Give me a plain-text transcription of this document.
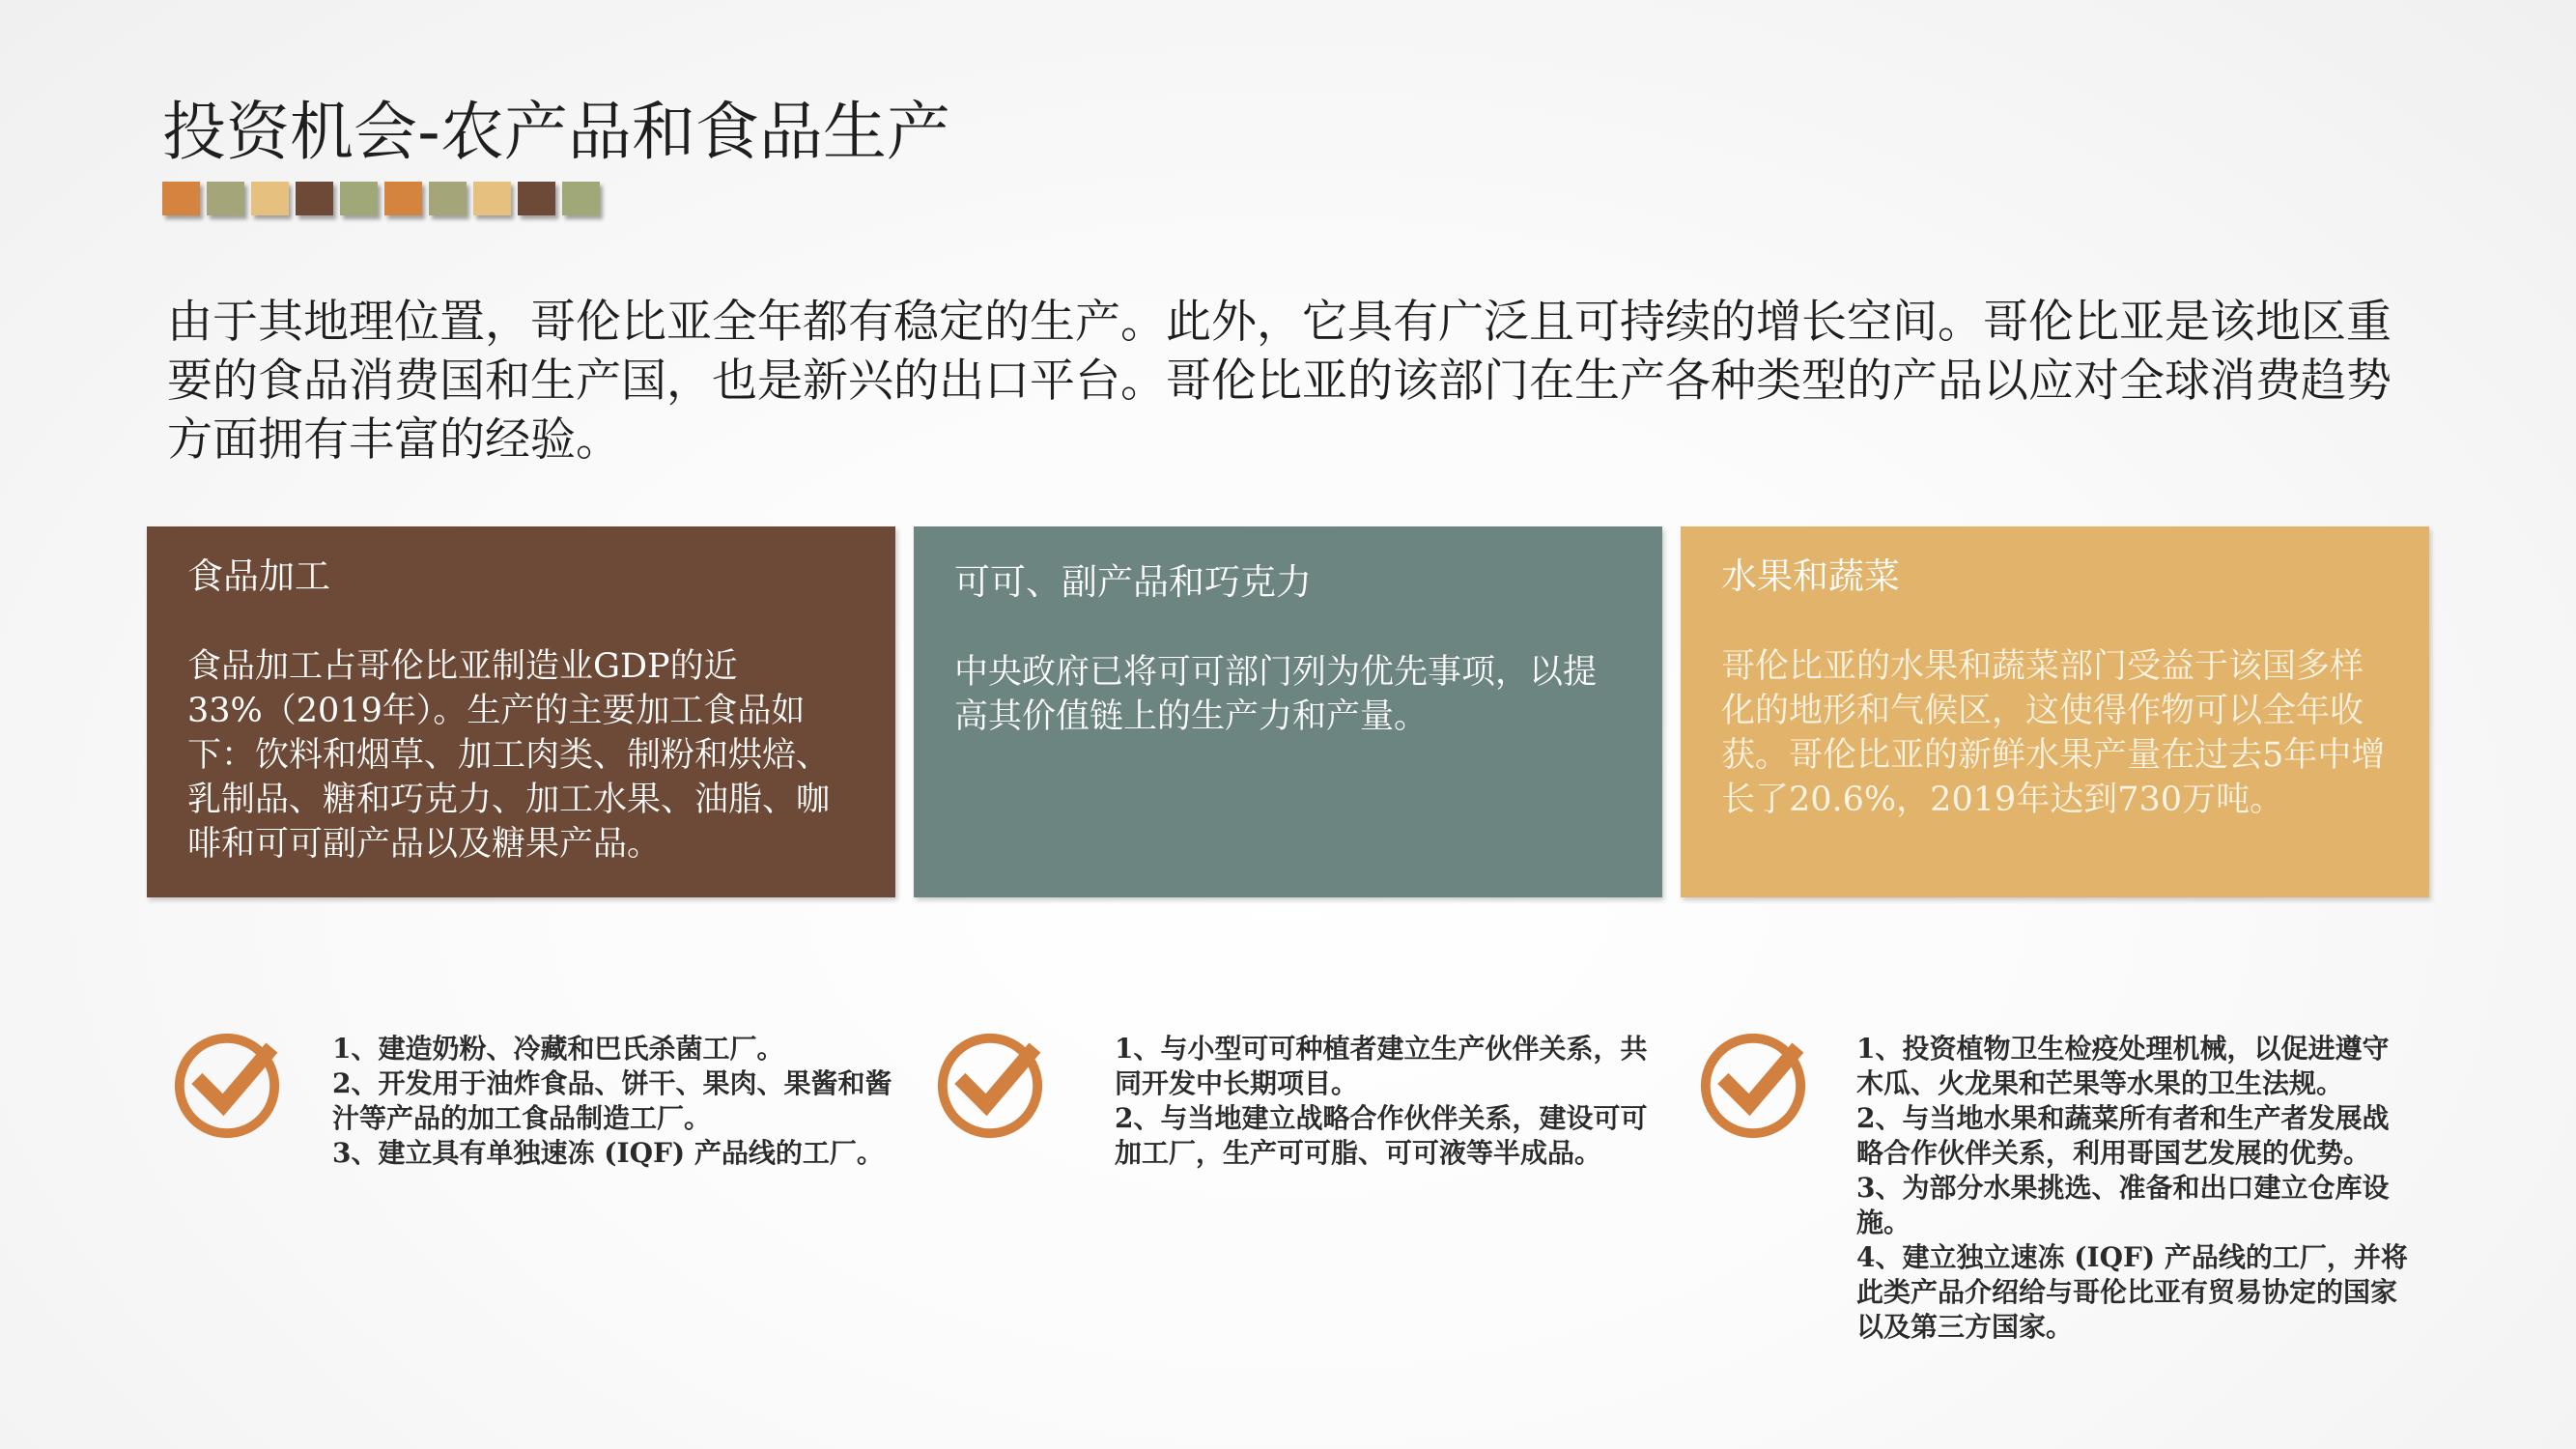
投资机会-农产品和食品生产

由于其地理位置，哥伦比亚全年都有稳定的生产。此外，它具有广泛且可持续的增长空间。哥伦比亚是该地区重要的食品消费国和生产国，也是新兴的出口平台。哥伦比亚的该部门在生产各种类型的产品以应对全球消费趋势方面拥有丰富的经验。

食品加工

食品加工占哥伦比亚制造业GDP的近33%（2019年）。生产的主要加工食品如下：饮料和烟草、加工肉类、制粉和烘焙、乳制品、糖和巧克力、加工水果、油脂、咖啡和可可副产品以及糖果产品。

可可、副产品和巧克力

中央政府已将可可部门列为优先事项，以提高其价值链上的生产力和产量。

水果和蔬菜

哥伦比亚的水果和蔬菜部门受益于该国多样化的地形和气候区，这使得作物可以全年收获。哥伦比亚的新鲜水果产量在过去5年中增长了20.6%，2019年达到730万吨。

1、建造奶粉、冷藏和巴氏杀菌工厂。

2、开发用于油炸食品、饼干、果肉、果酱和酱汁等产品的加工食品制造工厂。

3、建立具有单独速冻 (IQF) 产品线的工厂。

1、与小型可可种植者建立生产伙伴关系，共同开发中长期项目。

2、与当地建立战略合作伙伴关系，建设可可加工厂，生产可可脂、可可液等半成品。

1、投资植物卫生检疫处理机械，以促进遵守木瓜、火龙果和芒果等水果的卫生法规。

2、与当地水果和蔬菜所有者和生产者发展战略合作伙伴关系，利用哥国艺发展的优势。

3、为部分水果挑选、准备和出口建立仓库设施。

4、建立独立速冻 (IQF) 产品线的工厂，并将此类产品介绍给与哥伦比亚有贸易协定的国家以及第三方国家。
